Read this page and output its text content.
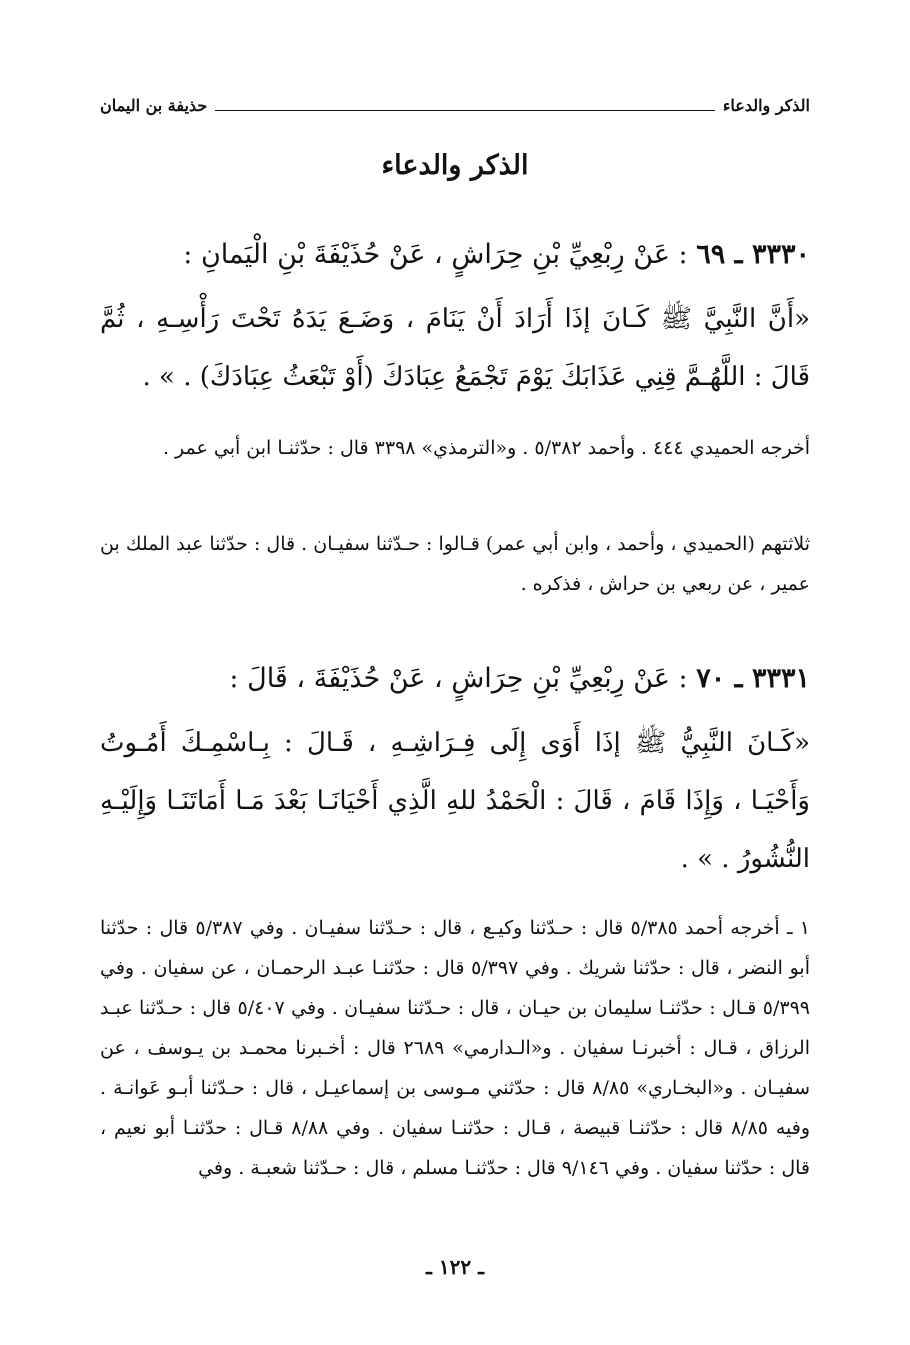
الذكر والدعاء
حذيفة بن اليمان
الذكر والدعاء
٣٣٣٠ ـ ٦٩ : عَنْ رِبْعِيِّ بْنِ حِرَاشٍ ، عَنْ حُذَيْفَةَ بْنِ الْيَمانِ :
«أَنَّ النَّبِيَّ ﷺ كَـانَ إذَا أَرَادَ أَنْ يَنَامَ ، وَضَـعَ يَدَهُ تَحْتَ رَأْسِـهِ ، ثُمَّ قَالَ : اللَّهُـمَّ قِنِي عَذَابَكَ يَوْمَ تَجْمَعُ عِبَادَكَ (أَوْ تَبْعَثُ عِبَادَكَ) . » .
أخرجه الحميدي ٤٤٤ . وأحمد ٥/٣٨٢ . و«الترمذي» ٣٣٩٨ قال : حدّثنـا ابن أبي عمر .
ثلاثتهم (الحميدي ، وأحمد ، وابن أبي عمر) قـالوا : حـدّثنا سفيـان . قال : حدّثنا عبد الملك بن عمير ، عن ربعي بن حراش ، فذكره .
٣٣٣١ ـ ٧٠ : عَنْ رِبْعِيِّ بْنِ حِرَاشٍ ، عَنْ حُذَيْفَةَ ، قَالَ :
«كَـانَ النَّبِيُّ ﷺ إذَا أَوَى إِلَى فِـرَاشِـهِ ، قَـالَ : بِـاسْمِـكَ أَمُـوتُ وَأَحْيَـا ، وَإِذَا قَامَ ، قَالَ : الْحَمْدُ للهِ الَّذِي أَحْيَانَـا بَعْدَ مَـا أَمَاتَنَـا وَإِلَيْـهِ النُّشُورُ . » .
١ ـ أخرجه أحمد ٥/٣٨٥ قال : حـدّثنا وكيـع ، قال : حـدّثنا سفيـان . وفي ٥/٣٨٧ قال : حدّثنا أبو النضر ، قال : حدّثنا شريك . وفي ٥/٣٩٧ قال : حدّثنـا عبـد الرحمـان ، عن سفيان . وفي ٥/٣٩٩ قـال : حدّثنـا سليمان بن حيـان ، قال : حـدّثنا سفيـان . وفي ٥/٤٠٧ قال : حـدّثنا عبـد الرزاق ، قـال : أخبرنـا سفيان . و«الـدارمي» ٢٦٨٩ قال : أخـبرنا محمـد بن يـوسف ، عن سفيـان . و«البخـاري» ٨/٨٥ قال : حدّثني مـوسى بن إسماعيـل ، قال : حـدّثنا أبـو عَوانـة . وفيه ٨/٨٥ قال : حدّثنـا قبيصة ، قـال : حدّثنـا سفيان . وفي ٨/٨٨ قـال : حدّثنـا أبو نعيم ، قال : حدّثنا سفيان . وفي ٩/١٤٦ قال : حدّثنـا مسلم ، قال : حـدّثنا شعبـة . وفي
ـ ١٢٢ ـ
